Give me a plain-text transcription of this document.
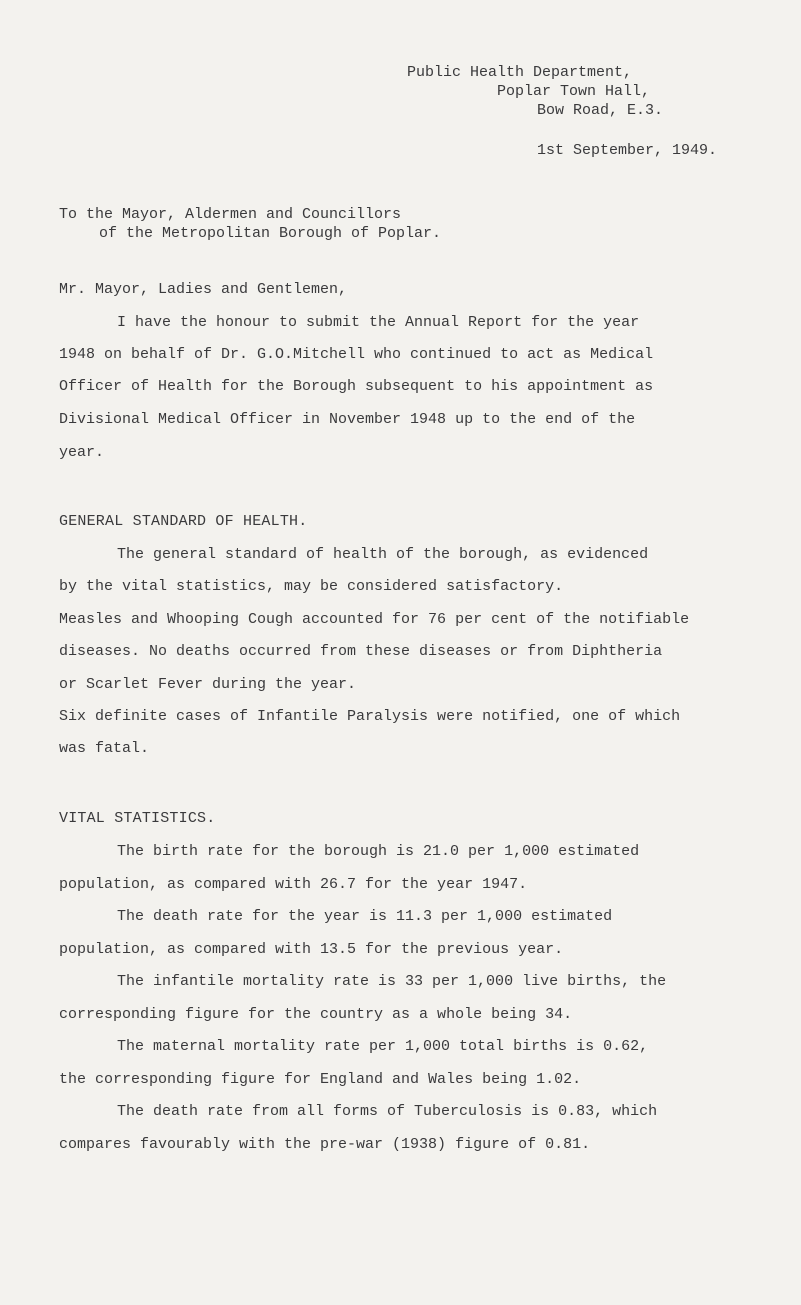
Public Health Department,
Poplar Town Hall,
Bow Road, E.3.
1st September, 1949.
To the Mayor, Aldermen and Councillors
of the Metropolitan Borough of Poplar.
Mr. Mayor, Ladies and Gentlemen,
I have the honour to submit the Annual Report for the year
1948 on behalf of Dr. G.O.Mitchell who continued to act as Medical
Officer of Health for the Borough subsequent to his appointment as
Divisional Medical Officer in November 1948 up to the end of the
year.
GENERAL STANDARD OF HEALTH.
The general standard of health of the borough, as evidenced
by the vital statistics, may be considered satisfactory.
Measles and Whooping Cough accounted for 76 per cent of the notifiable
diseases. No deaths occurred from these diseases or from Diphtheria
or Scarlet Fever during the year.
Six definite cases of Infantile Paralysis were notified, one of which
was fatal.
VITAL STATISTICS.
The birth rate for the borough is 21.0 per 1,000 estimated
population, as compared with 26.7 for the year 1947.
The death rate for the year is 11.3 per 1,000 estimated
population, as compared with 13.5 for the previous year.
The infantile mortality rate is 33 per 1,000 live births, the
corresponding figure for the country as a whole being 34.
The maternal mortality rate per 1,000 total births is 0.62,
the corresponding figure for England and Wales being 1.02.
The death rate from all forms of Tuberculosis is 0.83, which
compares favourably with the pre-war (1938) figure of 0.81.
